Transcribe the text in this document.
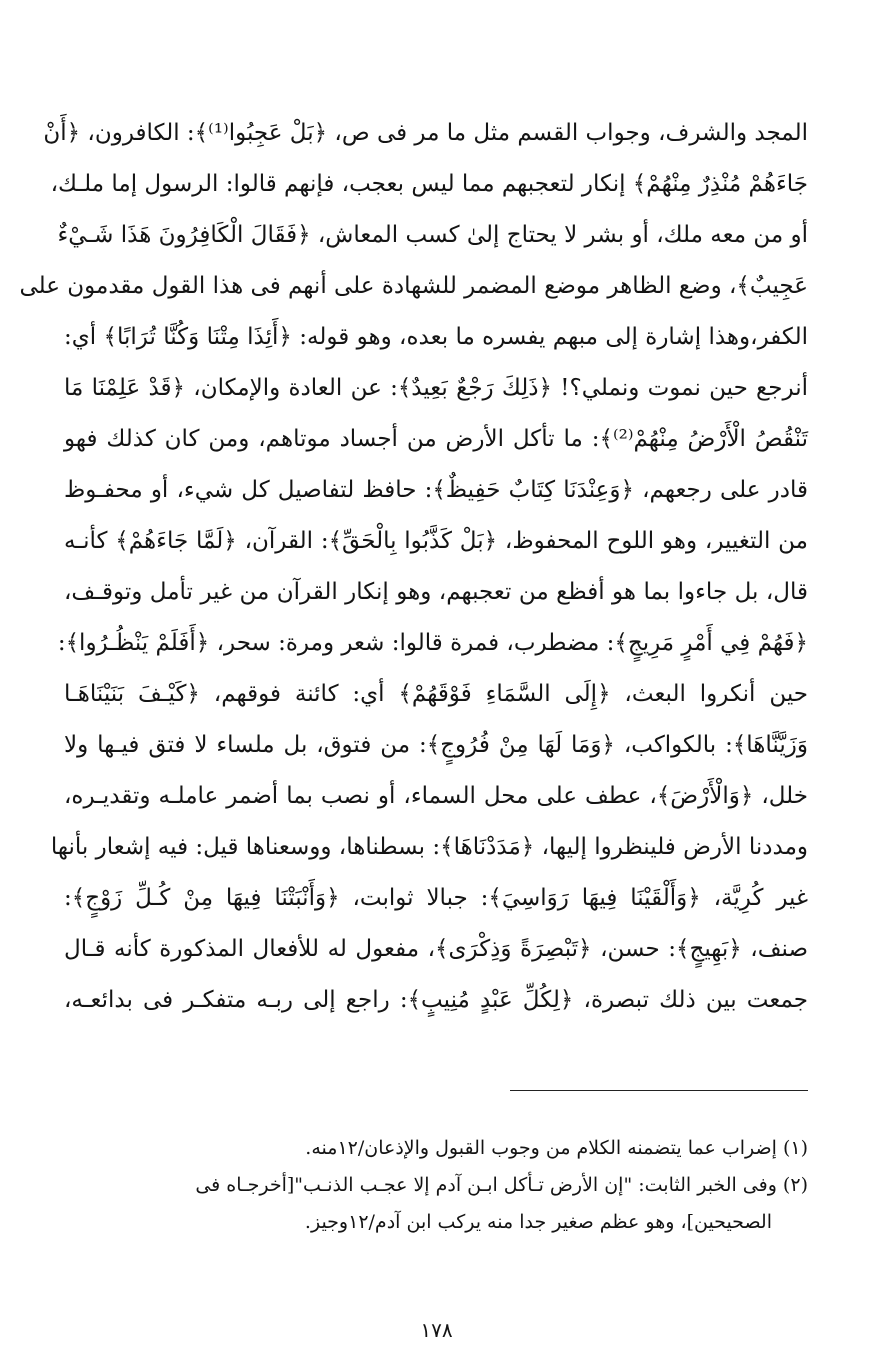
المجد والشرف، وجواب القسم مثل ما مر فى ص، ﴿بَلْ عَجِبُوا⁽¹⁾﴾: الكافرون، ﴿أَنْ
جَاءَهُمْ مُنْذِرٌ مِنْهُمْ﴾ إنكار لتعجبهم مما ليس بعجب، فإنهم قالوا: الرسول إما ملـك،
أو من معه ملك، أو بشر لا يحتاج إلىٰ كسب المعاش، ﴿فَقَالَ الْكَافِرُونَ هَذَا شَـيْءٌ
عَجِيبٌ﴾، وضع الظاهر موضع المضمر للشهادة على أنهم فى هذا القول مقدمون على
الكفر،وهذا إشارة إلى مبهم يفسره ما بعده، وهو قوله: ﴿أَئِذَا مِتْنَا وَكُنَّا تُرَابًا﴾ أي:
أنرجع حين نموت ونملي؟! ﴿ذَلِكَ رَجْعٌ بَعِيدٌ﴾: عن العادة والإمكان، ﴿قَدْ عَلِمْنَا مَا
تَنْقُصُ الْأَرْضُ مِنْهُمْ⁽²⁾﴾: ما تأكل الأرض من أجساد موتاهم، ومن كان كذلك فهو
قادر على رجعهم، ﴿وَعِنْدَنَا كِتَابٌ حَفِيظٌ﴾: حافظ لتفاصيل كل شيء، أو محفـوظ
من التغيير، وهو اللوح المحفوظ، ﴿بَلْ كَذَّبُوا بِالْحَقِّ﴾: القرآن، ﴿لَمَّا جَاءَهُمْ﴾ كأنـه
قال، بل جاءوا بما هو أفظع من تعجبهم، وهو إنكار القرآن من غير تأمل وتوقـف،
﴿فَهُمْ فِي أَمْرٍ مَرِيجٍ﴾: مضطرب، فمرة قالوا: شعر ومرة: سحر، ﴿أَفَلَمْ يَنْظُـرُوا﴾:
حين أنكروا البعث، ﴿إِلَى السَّمَاءِ فَوْقَهُمْ﴾ أي: كائنة فوقهم، ﴿كَيْـفَ بَنَيْنَاهَـا
وَزَيَّنَّاهَا﴾: بالكواكب، ﴿وَمَا لَهَا مِنْ فُرُوجٍ﴾: من فتوق، بل ملساء لا فتق فيـها ولا
خلل، ﴿وَالْأَرْضَ﴾، عطف على محل السماء، أو نصب بما أضمر عاملـه وتقديـره،
ومددنا الأرض فلينظروا إليها، ﴿مَدَدْنَاهَا﴾: بسطناها، ووسعناها قيل: فيه إشعار بأنها
غير كُرِيَّة، ﴿وَأَلْقَيْنَا فِيهَا رَوَاسِيَ﴾: جبالا ثوابت، ﴿وَأَنْبَتْنَا فِيهَا مِنْ كُـلِّ زَوْجٍ﴾:
صنف، ﴿بَهِيجٍ﴾: حسن، ﴿تَبْصِرَةً وَذِكْرَى﴾، مفعول له للأفعال المذكورة كأنه قـال
جمعت بين ذلك تبصرة، ﴿لِكُلِّ عَبْدٍ مُنِيبٍ﴾: راجع إلى ربـه متفكـر فى بدائعـه،
(١) إضراب عما يتضمنه الكلام من وجوب القبول والإذعان/١٢منه.
(٢) وفى الخبر الثابت: "إن الأرض تـأكل ابـن آدم إلا عجـب الذنـب"[أخرجـاه فى
الصحيحين]، وهو عظم صغير جدا منه يركب ابن آدم/١٢وجيز.
١٧٨
